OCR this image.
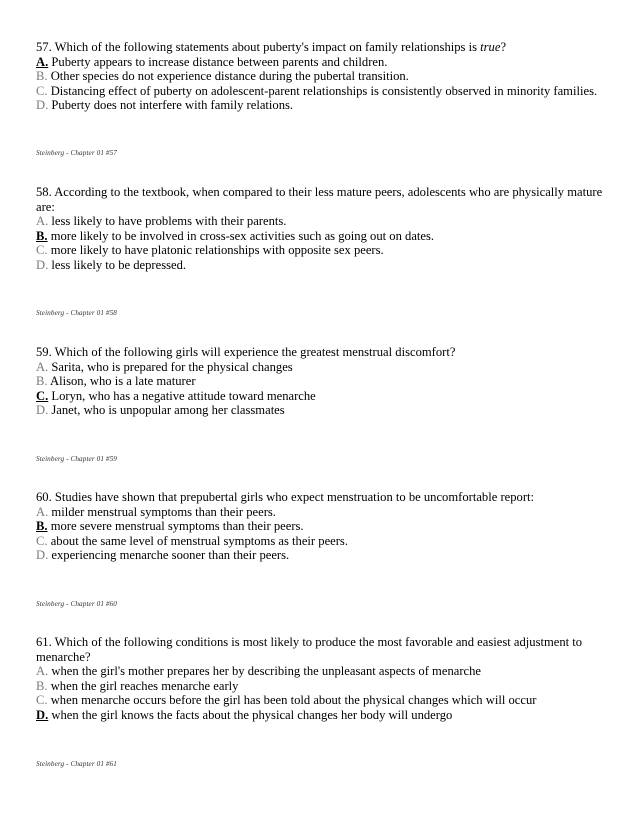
57. Which of the following statements about puberty's impact on family relationships is true?

A. Puberty appears to increase distance between parents and children.

B. Other species do not experience distance during the pubertal transition.

C. Distancing effect of puberty on adolescent-parent relationships is consistently observed in minority families.

D. Puberty does not interfere with family relations.

Steinberg - Chapter 01 #57

58. According to the textbook, when compared to their less mature peers, adolescents who are physically mature are:

A. less likely to have problems with their parents.

B. more likely to be involved in cross-sex activities such as going out on dates.

C. more likely to have platonic relationships with opposite sex peers.

D. less likely to be depressed.

Steinberg - Chapter 01 #58

59. Which of the following girls will experience the greatest menstrual discomfort?

A. Sarita, who is prepared for the physical changes

B. Alison, who is a late maturer

C. Loryn, who has a negative attitude toward menarche

D. Janet, who is unpopular among her classmates

Steinberg - Chapter 01 #59

60. Studies have shown that prepubertal girls who expect menstruation to be uncomfortable report:

A. milder menstrual symptoms than their peers.

B. more severe menstrual symptoms than their peers.

C. about the same level of menstrual symptoms as their peers.

D. experiencing menarche sooner than their peers.

Steinberg - Chapter 01 #60

61. Which of the following conditions is most likely to produce the most favorable and easiest adjustment to menarche?

A. when the girl's mother prepares her by describing the unpleasant aspects of menarche

B. when the girl reaches menarche early

C. when menarche occurs before the girl has been told about the physical changes which will occur

D. when the girl knows the facts about the physical changes her body will undergo

Steinberg - Chapter 01 #61
